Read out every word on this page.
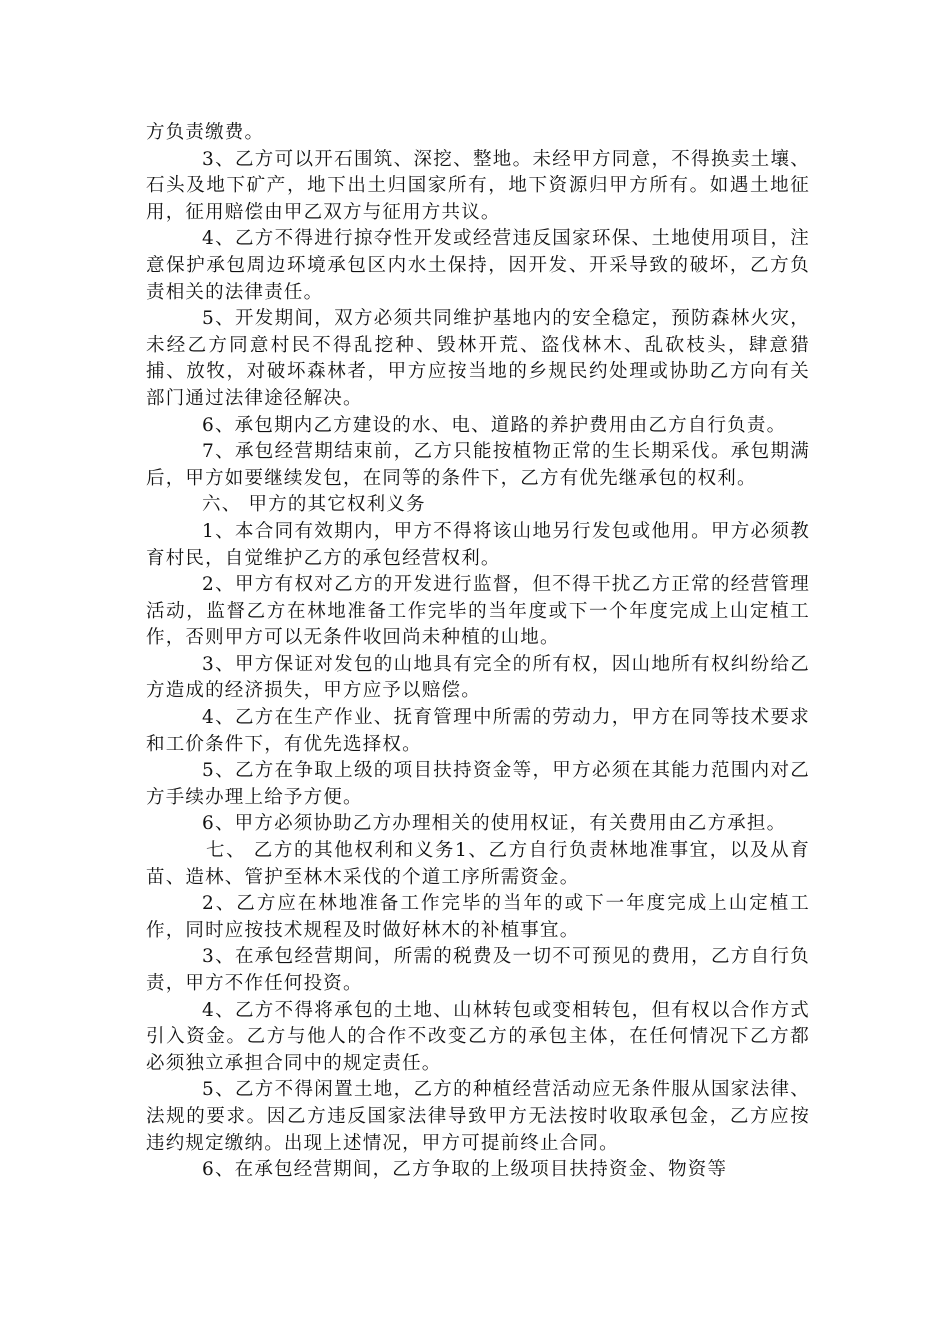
方负责缴费。

3、乙方可以开石围筑、深挖、整地。未经甲方同意，不得换卖土壤、石头及地下矿产，地下出土归国家所有，地下资源归甲方所有。如遇土地征用，征用赔偿由甲乙双方与征用方共议。

4、乙方不得进行掠夺性开发或经营违反国家环保、土地使用项目，注意保护承包周边环境承包区内水土保持，因开发、开采导致的破坏，乙方负责相关的法律责任。

5、开发期间，双方必须共同维护基地内的安全稳定，预防森林火灾，未经乙方同意村民不得乱挖种、毁林开荒、盗伐林木、乱砍枝头，肆意猎捕、放牧，对破坏森林者，甲方应按当地的乡规民约处理或协助乙方向有关部门通过法律途径解决。

6、承包期内乙方建设的水、电、道路的养护费用由乙方自行负责。

7、承包经营期结束前，乙方只能按植物正常的生长期采伐。承包期满后，甲方如要继续发包，在同等的条件下，乙方有优先继承包的权利。

六、 甲方的其它权利义务

1、本合同有效期内，甲方不得将该山地另行发包或他用。甲方必须教育村民，自觉维护乙方的承包经营权利。

2、甲方有权对乙方的开发进行监督，但不得干扰乙方正常的经营管理活动，监督乙方在林地准备工作完毕的当年度或下一个年度完成上山定植工作，否则甲方可以无条件收回尚未种植的山地。

3、甲方保证对发包的山地具有完全的所有权，因山地所有权纠纷给乙方造成的经济损失，甲方应予以赔偿。

4、乙方在生产作业、抚育管理中所需的劳动力，甲方在同等技术要求和工价条件下，有优先选择权。

5、乙方在争取上级的项目扶持资金等，甲方必须在其能力范围内对乙方手续办理上给予方便。

6、甲方必须协助乙方办理相关的使用权证，有关费用由乙方承担。

七、 乙方的其他权利和义务1、乙方自行负责林地准事宜，以及从育苗、造林、管护至林木采伐的个道工序所需资金。

2、乙方应在林地准备工作完毕的当年的或下一年度完成上山定植工作，同时应按技术规程及时做好林木的补植事宜。

3、在承包经营期间，所需的税费及一切不可预见的费用，乙方自行负责，甲方不作任何投资。

4、乙方不得将承包的土地、山林转包或变相转包，但有权以合作方式引入资金。乙方与他人的合作不改变乙方的承包主体，在任何情况下乙方都必须独立承担合同中的规定责任。

5、乙方不得闲置土地，乙方的种植经营活动应无条件服从国家法律、法规的要求。因乙方违反国家法律导致甲方无法按时收取承包金，乙方应按违约规定缴纳。出现上述情况，甲方可提前终止合同。

6、在承包经营期间，乙方争取的上级项目扶持资金、物资等
